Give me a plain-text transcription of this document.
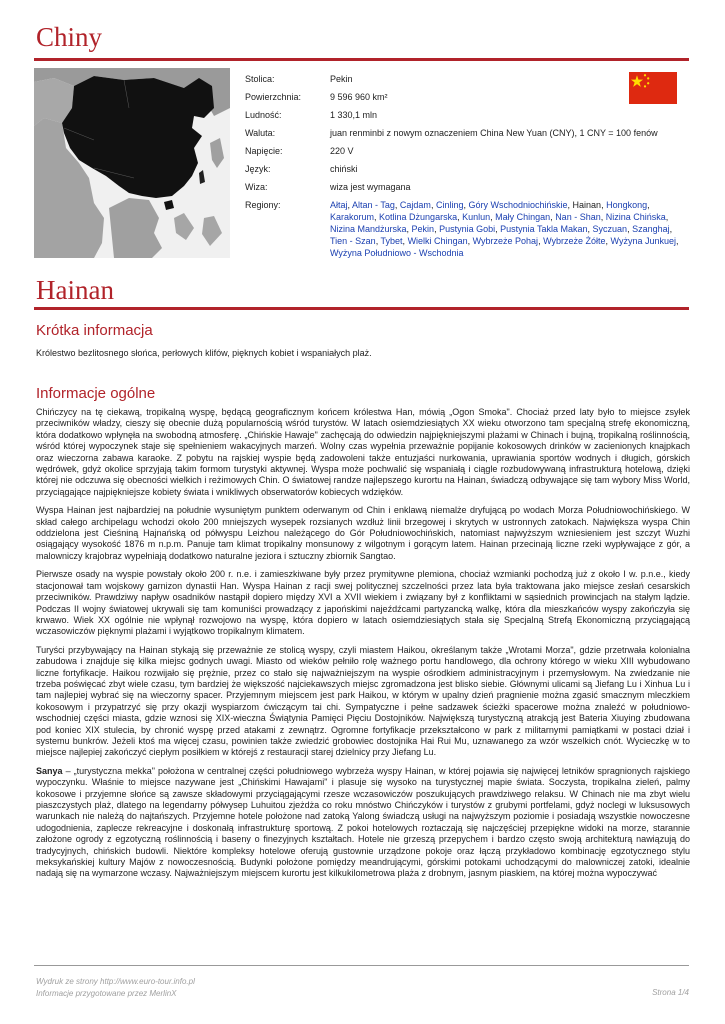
Chiny
Stolica:	Pekin
Powierzchnia:	9 596 960 km²
Ludność:	1 330,1 mln
Waluta:	juan renminbi z nowym oznaczeniem China New Yuan (CNY), 1 CNY = 100 fenów
Napięcie:	220 V
Język:	chiński
Wiza:	wiza jest wymagana
Regiony:	Ałtaj, Altan - Tag, Cajdam, Cinling, Góry Wschodniochińskie, Hainan, Hongkong, Karakorum, Kotlina Dżungarska, Kunlun, Mały Chingan, Nan - Shan, Nizina Chińska, Nizina Mandżurska, Pekin, Pustynia Gobi, Pustynia Takla Makan, Syczuan, Szanghaj, Tien - Szan, Tybet, Wielki Chingan, Wybrzeże Pohaj, Wybrzeże Żółte, Wyżyna Junkuej, Wyżyna Południowo - Wschodnia
Hainan
Krótka informacja

Królestwo bezlitosnego słońca, perłowych klifów, pięknych kobiet i wspaniałych plaż.

Informacje ogólne

Chińczycy na tę ciekawą, tropikalną wyspę, będącą geograficznym końcem królestwa Han, mówią „Ogon Smoka". Chociaż przed laty było to miejsce zsyłek przeciwników władzy, cieszy się obecnie dużą popularnością wśród turystów. W latach osiemdziesiątych XX wieku otworzono tam specjalną strefę ekonomiczną, która dodatkowo wpłynęła na swobodną atmosferę. „Chińskie Hawaje" zachęcają do odwiedzin najpiękniejszymi plażami w Chinach i bujną, tropikalną roślinnością, wśród której wypoczynek staje się spełnieniem wakacyjnych marzeń. Wolny czas wypełnia przeważnie popijanie kokosowych drinków w zacienionych knajpkach oraz wieczorna zabawa karaoke. Z pobytu na rajskiej wyspie będą zadowoleni także entuzjaści nurkowania, uprawiania sportów wodnych i długich, górskich wędrówek, gdyż okolice sprzyjają takim formom turystyki aktywnej. Wyspa może pochwalić się wspaniałą i ciągle rozbudowywaną infrastrukturą hotelową, dzięki której nie odczuwa się obecności wielkich i reżimowych Chin. O światowej randze najlepszego kurortu na Hainan, świadczą odbywające się tam wybory Miss World, przyciągające najpiękniejsze kobiety świata i wnikliwych obserwatorów kobiecych wdzięków.

Wyspa Hainan jest najbardziej na południe wysuniętym punktem oderwanym od Chin i enklawą niemalże dryfującą po wodach Morza Południowochińskiego. W skład całego archipelagu wchodzi około 200 mniejszych wysepek rozsianych wzdłuż linii brzegowej i skrytych w ustronnych zatokach. Największa wyspa Chin oddzielona jest Cieśniną Hajnańską od półwyspu Leizhou należącego do Gór Południowochińskich, natomiast najwyższym wzniesieniem jest szczyt Wuzhi osiągający wysokość 1876 m n.p.m. Panuje tam klimat tropikalny monsunowy z wilgotnym i gorącym latem. Hainan przecinają liczne rzeki wypływające z gór, a malowniczy krajobraz wypełniają dodatkowo naturalne jeziora i sztuczny zbiornik Sangtao.

Pierwsze osady na wyspie powstały około 200 r. n.e. i zamieszkiwane były przez prymitywne plemiona, chociaż wzmianki pochodzą już z około I w. p.n.e., kiedy stacjonował tam wojskowy garnizon dynastii Han. Wyspa Hainan z racji swej politycznej szczelności przez lata była traktowana jako miejsce zesłań cesarskich przeciwników. Prawdziwy napływ osadników nastąpił dopiero między XVI a XVII wiekiem i związany był z konfliktami w sąsiednich prowincjach na stałym lądzie. Podczas II wojny światowej ukrywali się tam komuniści prowadzący z japońskimi najeźdźcami partyzancką walkę, która dla mieszkańców wyspy zakończyła się krwawo. Wiek XX ogólnie nie wpłynął rozwojowo na wyspę, która dopiero w latach osiemdziesiątych stała się Specjalną Strefą Ekonomiczną przyciągającą wczasowiczów pięknymi plażami i wyjątkowo tropikalnym klimatem.

Turyści przybywający na Hainan stykają się przeważnie ze stolicą wyspy, czyli miastem Haikou, określanym także „Wrotami Morza", gdzie przetrwała kolonialna zabudowa i znajduje się kilka miejsc godnych uwagi. Miasto od wieków pełniło rolę ważnego portu handlowego, dla ochrony którego w wieku XIII wybudowano liczne fortyfikacje. Haikou rozwijało się prężnie, przez co stało się najważniejszym na wyspie ośrodkiem administracyjnym i przemysłowym. Na zwiedzanie nie trzeba poświęcać zbyt wiele czasu, tym bardziej że większość najciekawszych miejsc zgromadzona jest blisko siebie. Głównymi ulicami są Jiefang Lu i Xinhua Lu i tam najlepiej wybrać się na wieczorny spacer. Przyjemnym miejscem jest park Haikou, w którym w upalny dzień pragnienie można zgasić smacznym mleczkiem kokosowym i przypatrzyć się przy okazji wyspiarzom ćwiczącym tai chi. Sympatyczne i pełne sadzawek ścieżki spacerowe można znaleźć w południowo-wschodniej części miasta, gdzie wznosi się XIX-wieczna Świątynia Pamięci Pięciu Dostojników. Największą turystyczną atrakcją jest Bateria Xiuying zbudowana pod koniec XIX stulecia, by chronić wyspę przed atakami z zewnątrz. Ogromne fortyfikacje przekształcono w park z militarnymi pamiątkami w postaci dział i systemu bunkrów. Jeżeli ktoś ma więcej czasu, powinien także zwiedzić grobowiec dostojnika Hai Rui Mu, uznawanego za wzór wszelkich cnót. Wycieczkę w to miejsce najlepiej zakończyć ciepłym posiłkiem w którejś z restauracji starej dzielnicy przy Jiefang Lu.

Sanya – „turystyczna mekka" położona w centralnej części południowego wybrzeża wyspy Hainan, w której pojawia się najwięcej letników spragnionych rajskiego wypoczynku. Właśnie to miejsce nazywane jest „Chińskimi Hawajami" i plasuje się wysoko na turystycznej mapie świata. Soczysta, tropikalna zieleń, palmy kokosowe i przyjemne słońce są zawsze składowymi przyciągającymi rzesze wczasowiczów poszukujących prawdziwego relaksu. W Chinach nie ma zbyt wielu piaszczystych plaż, dlatego na legendarny półwysep Luhuitou zjeżdża co roku mnóstwo Chińczyków i turystów z grubymi portfelami, gdyż noclegi w luksusowych warunkach nie należą do najtańszych. Przyjemne hotele położone nad zatoką Yalong świadczą usługi na najwyższym poziomie i posiadają wszystkie nowoczesne udogodnienia, zaplecze rekreacyjne i doskonałą infrastrukturę sportową. Z pokoi hotelowych roztaczają się najczęściej przepiękne widoki na morze, starannie założone ogrody z egzotyczną roślinnością i baseny o finezyjnych kształtach. Hotele nie grzeszą przepychem i bardzo często swoją architekturą nawiązują do tradycyjnych, chińskich budowli. Niektóre kompleksy hotelowe oferują gustownie urządzone pokoje oraz łączą przykładowo kombinację egzotycznego stylu meksykańskiej kultury Majów z nowoczesnością. Budynki położone pomiędzy meandrującymi, górskimi potokami uchodzącymi do malowniczej zatoki, idealnie nadają się na wymarzone wczasy. Najważniejszym miejscem kurortu jest kilkukilometrowa plaża z drobnym, jasnym piaskiem, na której można wypoczywać

Wydruk ze strony http://www.euro-tour.info.pl
Informacje przygotowane przez MerlinX	Strona 1/4
